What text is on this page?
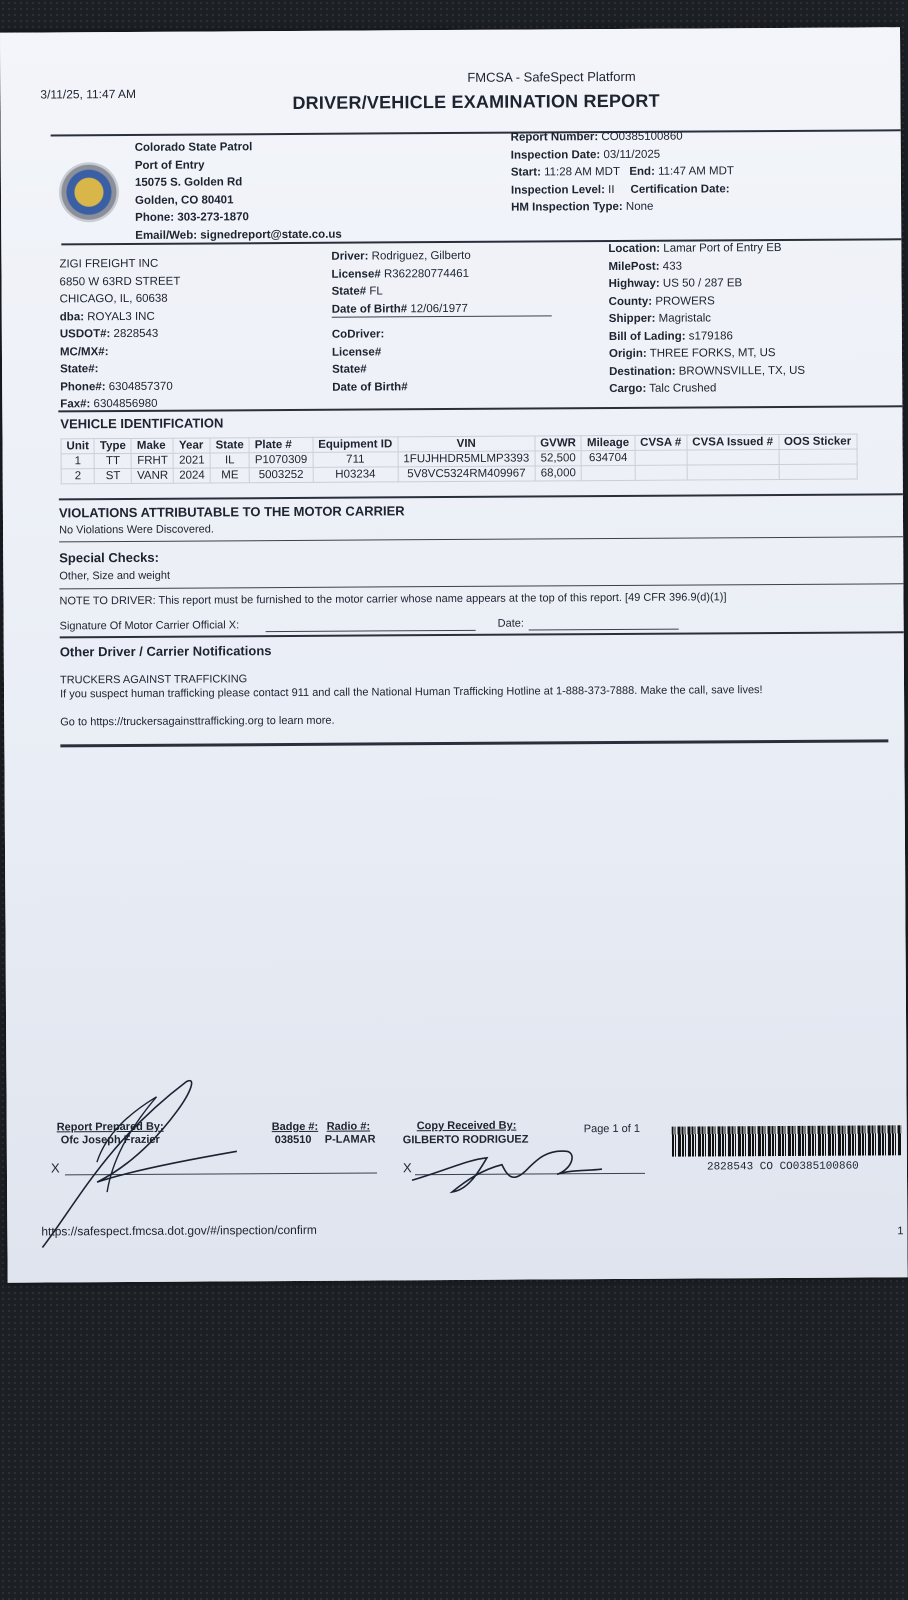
3/11/25, 11:47 AM
FMCSA - SafeSpect Platform
DRIVER/VEHICLE EXAMINATION REPORT
Colorado State Patrol
Port of Entry
15075 S. Golden Rd
Golden, CO 80401
Phone: 303-273-1870
Email/Web: signedreport@state.co.us
Report Number: CO0385100860
Inspection Date: 03/11/2025
Start: 11:28 AM MDT End: 11:47 AM MDT
Inspection Level: II Certification Date:
HM Inspection Type: None
ZIGI FREIGHT INC
6850 W 63RD STREET
CHICAGO, IL, 60638
dba: ROYAL3 INC
USDOT#: 2828543
MC/MX#:
State#:
Phone#: 6304857370
Fax#: 6304856980
Driver: Rodriguez, Gilberto
License# R362280774461
State# FL
Date of Birth# 12/06/1977
CoDriver:
License#
State#
Date of Birth#
Location: Lamar Port of Entry EB
MilePost: 433
Highway: US 50 / 287 EB
County: PROWERS
Shipper: Magristalc
Bill of Lading: s179186
Origin: THREE FORKS, MT, US
Destination: BROWNSVILLE, TX, US
Cargo: Talc Crushed
VEHICLE IDENTIFICATION
Unit	Type	Make	Year	State	Plate #	Equipment ID	VIN	GVWR	Mileage	CVSA #	CVSA Issued #	OOS Sticker
1	TT	FRHT	2021	IL	P1070309	711	1FUJHHDR5MLMP3393	52,500	634704			
2	ST	VANR	2024	ME	5003252	H03234	5V8VC5324RM409967	68,000				
VIOLATIONS ATTRIBUTABLE TO THE MOTOR CARRIER
No Violations Were Discovered.
Special Checks:
Other, Size and weight
NOTE TO DRIVER: This report must be furnished to the motor carrier whose name appears at the top of this report. [49 CFR 396.9(d)(1)]
Signature Of Motor Carrier Official X:	Date:
Other Driver / Carrier Notifications
TRUCKERS AGAINST TRAFFICKING
If you suspect human trafficking please contact 911 and call the National Human Trafficking Hotline at 1-888-373-7888. Make the call, save lives!
Go to https://truckersagainsttrafficking.org to learn more.
Report Prepared By:
Ofc Joseph Frazier
Badge #: Radio #:
038510 P-LAMAR
Copy Received By:
GILBERTO RODRIGUEZ
Page 1 of 1
X	X	2828543 CO CO0385100860
https://safespect.fmcsa.dot.gov/#/inspection/confirm	1
